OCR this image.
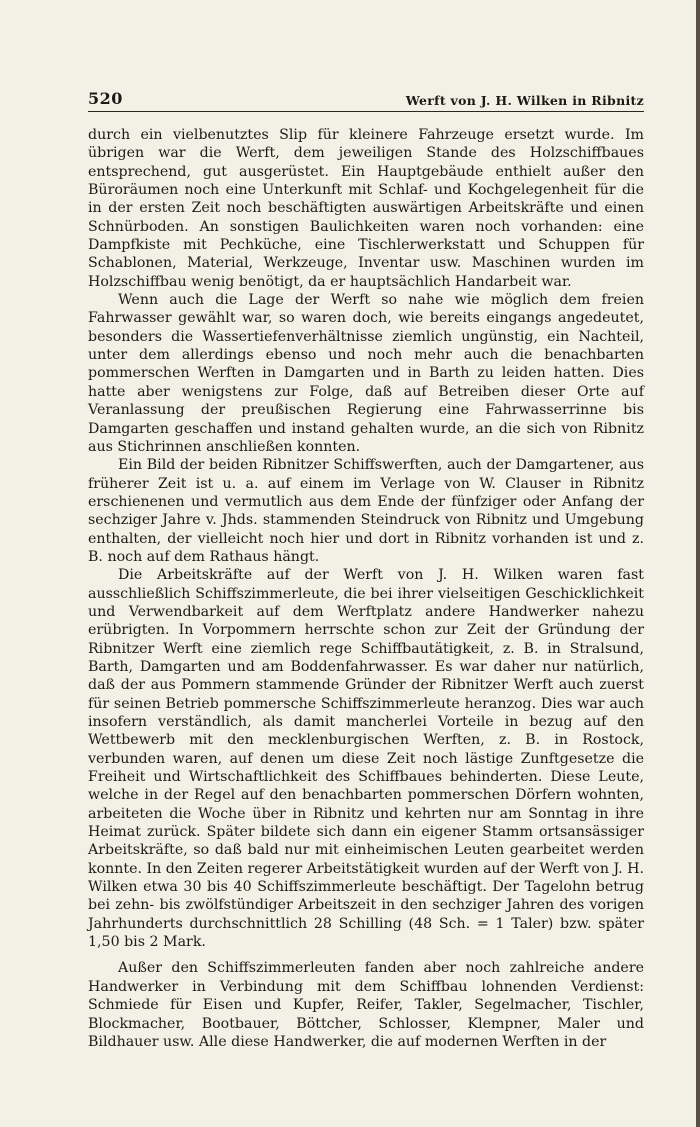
520	Werft von J. H. Wilken in Ribnitz

durch ein vielbenutztes Slip für kleinere Fahrzeuge ersetzt wurde. Im übrigen war die Werft, dem jeweiligen Stande des Holzschiffbaues entsprechend, gut ausgerüstet. Ein Hauptgebäude enthielt außer den Büroräumen noch eine Unterkunft mit Schlaf- und Kochgelegenheit für die in der ersten Zeit noch beschäftigten auswärtigen Arbeitskräfte und einen Schnürboden. An sonstigen Baulichkeiten waren noch vorhanden: eine Dampfkiste mit Pechküche, eine Tischlerwerkstatt und Schuppen für Schablonen, Material, Werkzeuge, Inventar usw. Maschinen wurden im Holzschiffbau wenig benötigt, da er hauptsächlich Handarbeit war.

Wenn auch die Lage der Werft so nahe wie möglich dem freien Fahrwasser gewählt war, so waren doch, wie bereits eingangs angedeutet, besonders die Wassertiefenverhältnisse ziemlich ungünstig, ein Nachteil, unter dem allerdings ebenso und noch mehr auch die benachbarten pommerschen Werften in Damgarten und in Barth zu leiden hatten. Dies hatte aber wenigstens zur Folge, daß auf Betreiben dieser Orte auf Veranlassung der preußischen Regierung eine Fahrwasserrinne bis Damgarten geschaffen und instand gehalten wurde, an die sich von Ribnitz aus Stichrinnen anschließen konnten.

Ein Bild der beiden Ribnitzer Schiffswerften, auch der Damgartener, aus früherer Zeit ist u. a. auf einem im Verlage von W. Clauser in Ribnitz erschienenen und vermutlich aus dem Ende der fünfziger oder Anfang der sechziger Jahre v. Jhds. stammenden Steindruck von Ribnitz und Umgebung enthalten, der vielleicht noch hier und dort in Ribnitz vorhanden ist und z. B. noch auf dem Rathaus hängt.

Die Arbeitskräfte auf der Werft von J. H. Wilken waren fast ausschließlich Schiffszimmerleute, die bei ihrer vielseitigen Geschicklichkeit und Verwendbarkeit auf dem Werftplatz andere Handwerker nahezu erübrigten. In Vorpommern herrschte schon zur Zeit der Gründung der Ribnitzer Werft eine ziemlich rege Schiffbautätigkeit, z. B. in Stralsund, Barth, Damgarten und am Boddenfahrwasser. Es war daher nur natürlich, daß der aus Pommern stammende Gründer der Ribnitzer Werft auch zuerst für seinen Betrieb pommersche Schiffszimmerleute heranzog. Dies war auch insofern verständlich, als damit mancherlei Vorteile in bezug auf den Wettbewerb mit den mecklenburgischen Werften, z. B. in Rostock, verbunden waren, auf denen um diese Zeit noch lästige Zunftgesetze die Freiheit und Wirtschaftlichkeit des Schiffbaues behinderten. Diese Leute, welche in der Regel auf den benachbarten pommerschen Dörfern wohnten, arbeiteten die Woche über in Ribnitz und kehrten nur am Sonntag in ihre Heimat zurück. Später bildete sich dann ein eigener Stamm ortsansässiger Arbeitskräfte, so daß bald nur mit einheimischen Leuten gearbeitet werden konnte. In den Zeiten regerer Arbeitstätigkeit wurden auf der Werft von J. H. Wilken etwa 30 bis 40 Schiffszimmerleute beschäftigt. Der Tagelohn betrug bei zehn- bis zwölfstündiger Arbeitszeit in den sechziger Jahren des vorigen Jahrhunderts durchschnittlich 28 Schilling (48 Sch. = 1 Taler) bzw. später 1,50 bis 2 Mark.

Außer den Schiffszimmerleuten fanden aber noch zahlreiche andere Handwerker in Verbindung mit dem Schiffbau lohnenden Verdienst: Schmiede für Eisen und Kupfer, Reifer, Takler, Segelmacher, Tischler, Blockmacher, Bootbauer, Böttcher, Schlosser, Klempner, Maler und Bildhauer usw. Alle diese Handwerker, die auf modernen Werften in der
